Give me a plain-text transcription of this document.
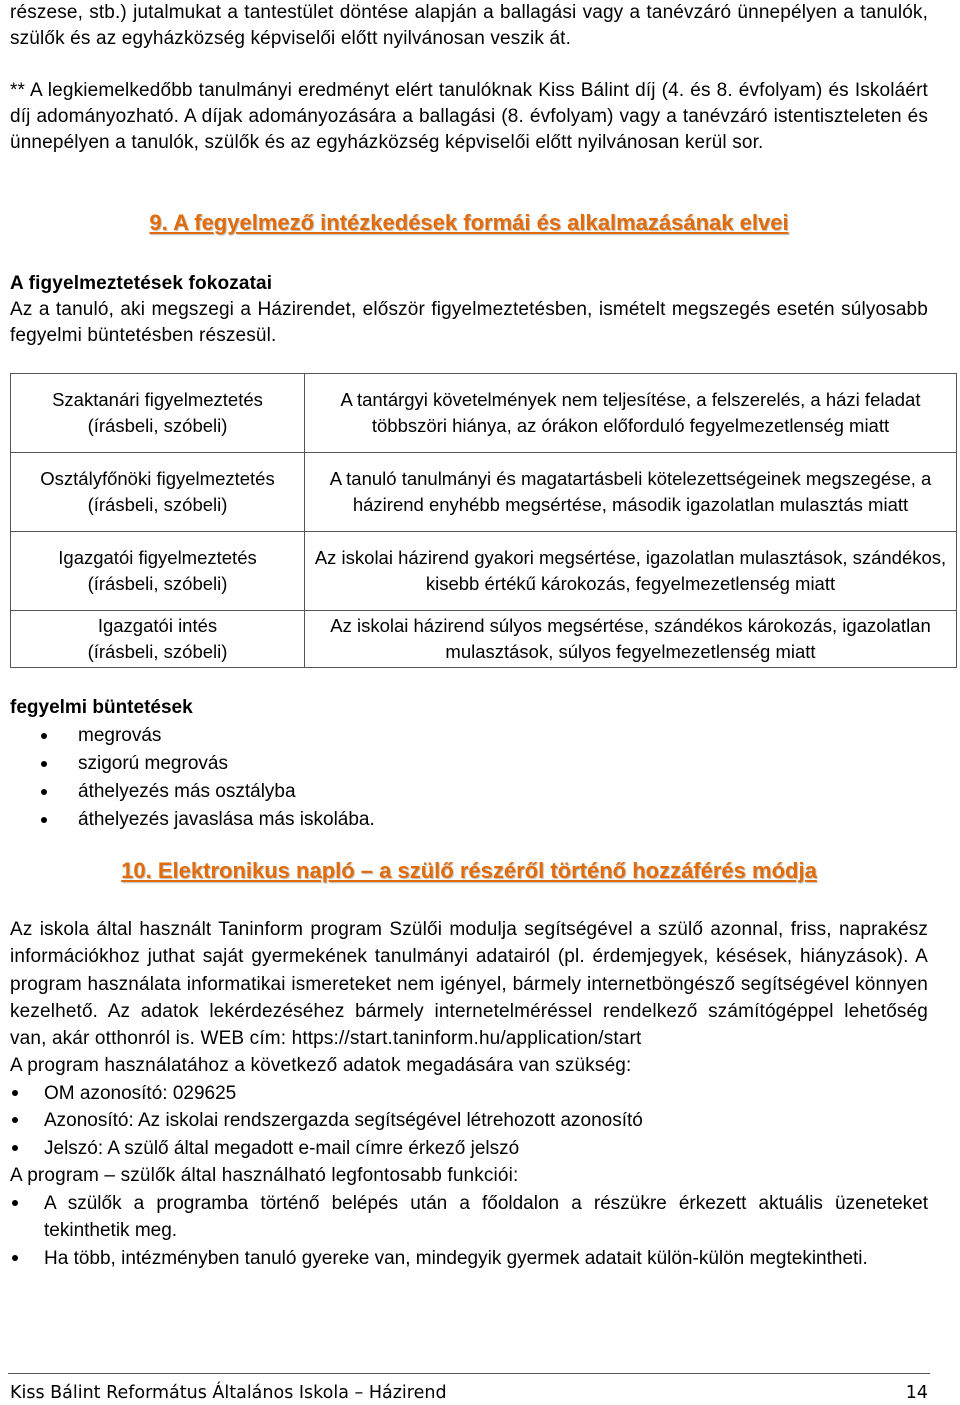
részese, stb.) jutalmukat a tantestület döntése alapján a ballagási vagy a tanévzáró ünnepélyen a tanulók, szülők és az egyházközség képviselői előtt nyilvánosan veszik át.

** A legkiemelkedőbb tanulmányi eredményt elért tanulóknak Kiss Bálint díj (4. és 8. évfolyam) és Iskoláért díj adományozható. A díjak adományozására a ballagási (8. évfolyam) vagy a tanévzáró istentiszteleten és ünnepélyen a tanulók, szülők és az egyházközség képviselői előtt nyilvánosan kerül sor.

9. A fegyelmező intézkedések formái és alkalmazásának elvei

A figyelmeztetések fokozatai

Az a tanuló, aki megszegi a Házirendet, először figyelmeztetésben, ismételt megszegés esetén súlyosabb fegyelmi büntetésben részesül.

Szaktanári figyelmeztetés
(írásbeli, szóbeli)	A tantárgyi követelmények nem teljesítése, a felszerelés, a házi feladat többszöri hiánya, az órákon előforduló fegyelmezetlenség miatt

Osztályfőnöki figyelmeztetés
(írásbeli, szóbeli)	A tanuló tanulmányi és magatartásbeli kötelezettségeinek megszegése, a házirend enyhébb megsértése, második igazolatlan mulasztás miatt

Igazgatói figyelmeztetés
(írásbeli, szóbeli)	Az iskolai házirend gyakori megsértése, igazolatlan mulasztások, szándékos, kisebb értékű károkozás, fegyelmezetlenség miatt

Igazgatói intés
(írásbeli, szóbeli)	Az iskolai házirend súlyos megsértése, szándékos károkozás, igazolatlan mulasztások, súlyos fegyelmezetlenség miatt

fegyelmi büntetések

megrovás
szigorú megrovás
áthelyezés más osztályba
áthelyezés javaslása más iskolába.
10. Elektronikus napló – a szülő részéről történő hozzáférés módja

Az iskola által használt Taninform program Szülői modulja segítségével a szülő azonnal, friss, naprakész információkhoz juthat saját gyermekének tanulmányi adatairól (pl. érdemjegyek, késések, hiányzások). A program használata informatikai ismereteket nem igényel, bármely internetböngésző segítségével könnyen kezelhető. Az adatok lekérdezéséhez bármely internetelméréssel rendelkező számítógéppel lehetőség van, akár otthonról is. WEB cím: https://start.taninform.hu/application/start

A program használatához a következő adatok megadására van szükség:

OM azonosító: 029625
Azonosító: Az iskolai rendszergazda segítségével létrehozott azonosító
Jelszó: A szülő által megadott e-mail címre érkező jelszó

A program – szülők által használható legfontosabb funkciói:

A szülők a programba történő belépés után a főoldalon a részükre érkezett aktuális üzeneteket tekinthetik meg.
Ha több, intézményben tanuló gyereke van, mindegyik gyermek adatait külön-külön megtekintheti.
Kiss Bálint Református Általános Iskola – Házirend	14
